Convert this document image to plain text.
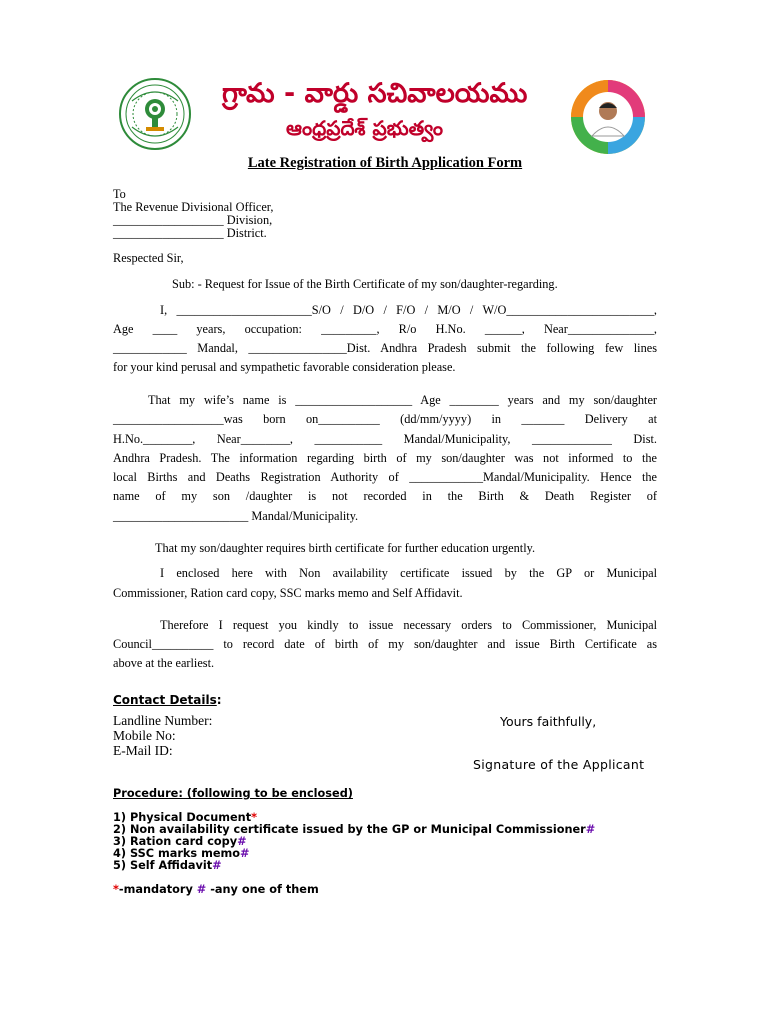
గ్రామ - వార్డు సచివాలయము
ఆంధ్రప్రదేశ్ ప్రభుత్వం
Late Registration of Birth Application Form
To
The Revenue Divisional Officer,
__________________ Division,
__________________ District.
Respected Sir,
Sub: - Request for Issue of the Birth Certificate of my son/daughter-regarding.
I, ______________________S/O / D/O / F/O / M/O / W/O________________________,
Age ____ years, occupation: _________, R/o H.No. ______, Near______________,
____________ Mandal, ________________Dist. Andhra Pradesh submit the following few lines
for your kind perusal and sympathetic favorable consideration please.
That my wife’s name is ___________________ Age ________ years and my son/daughter
__________________was born on__________ (dd/mm/yyyy) in _______ Delivery at
H.No.________, Near________, ___________ Mandal/Municipality, _____________ Dist.
Andhra Pradesh. The information regarding birth of my son/daughter was not informed to the
local Births and Deaths Registration Authority of ____________Mandal/Municipality. Hence the
name of my son /daughter is not recorded in the Birth & Death Register of
______________________ Mandal/Municipality.
That my son/daughter requires birth certificate for further education urgently.
I enclosed here with Non availability certificate issued by the GP or Municipal
Commissioner, Ration card copy, SSC marks memo and Self Affidavit.
Therefore I request you kindly to issue necessary orders to Commissioner, Municipal
Council__________ to record date of birth of my son/daughter and issue Birth Certificate as
above at the earliest.
Contact Details:
Landline Number:
Mobile No:
E-Mail ID:
Yours faithfully,
Signature of the Applicant
Procedure: (following to be enclosed)
1) Physical Document*
2) Non availability certificate issued by the GP or Municipal Commissioner#
3) Ration card copy#
4) SSC marks memo#
5) Self Affidavit#
*-mandatory # -any one of them
